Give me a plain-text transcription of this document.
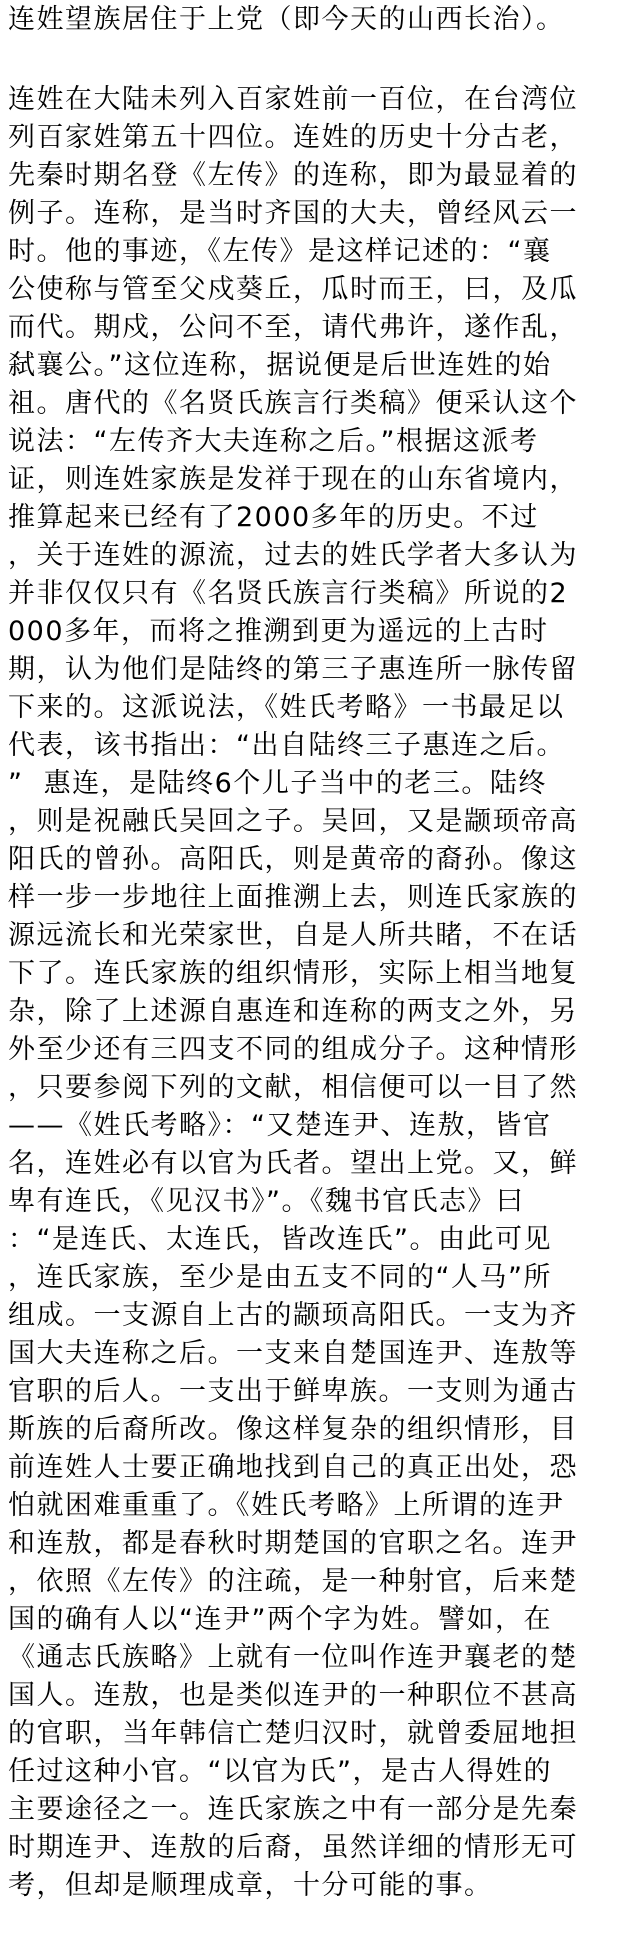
连姓望族居住于上党（即今天的山西长治）。
连姓在大陆未列入百家姓前一百位，在台湾位
列百家姓第五十四位。连姓的历史十分古老，
先秦时期名登《左传》的连称，即为最显着的
例子。连称，是当时齐国的大夫，曾经风云一
时。他的事迹，《左传》是这样记述的：“襄
公使称与管至父戍葵丘，瓜时而王，曰，及瓜
而代。期戍，公问不至，请代弗许，遂作乱，
弑襄公。”这位连称，据说便是后世连姓的始
祖。唐代的《名贤氏族言行类稿》便采认这个
说法：“左传齐大夫连称之后。”根据这派考
证，则连姓家族是发祥于现在的山东省境内，
推算起来已经有了2000多年的历史。不过
，关于连姓的源流，过去的姓氏学者大多认为
并非仅仅只有《名贤氏族言行类稿》所说的2
000多年，而将之推溯到更为遥远的上古时
期，认为他们是陆终的第三子惠连所一脉传留
下来的。这派说法，《姓氏考略》一书最足以
代表，该书指出：“出自陆终三子惠连之后。
”  惠连，是陆终6个儿子当中的老三。陆终
，则是祝融氏吴回之子。吴回，又是颛顼帝高
阳氏的曾孙。高阳氏，则是黄帝的裔孙。像这
样一步一步地往上面推溯上去，则连氏家族的
源远流长和光荣家世，自是人所共睹，不在话
下了。连氏家族的组织情形，实际上相当地复
杂，除了上述源自惠连和连称的两支之外，另
外至少还有三四支不同的组成分子。这种情形
，只要参阅下列的文献，相信便可以一目了然
——《姓氏考略》：“又楚连尹、连敖，皆官
名，连姓必有以官为氏者。望出上党。又，鲜
卑有连氏，《见汉书》”。《魏书官氏志》曰
：“是连氏、太连氏，皆改连氏”。由此可见
，连氏家族，至少是由五支不同的“人马”所
组成。一支源自上古的颛顼高阳氏。一支为齐
国大夫连称之后。一支来自楚国连尹、连敖等
官职的后人。一支出于鲜卑族。一支则为通古
斯族的后裔所改。像这样复杂的组织情形，目
前连姓人士要正确地找到自己的真正出处，恐
怕就困难重重了。《姓氏考略》上所谓的连尹
和连敖，都是春秋时期楚国的官职之名。连尹
，依照《左传》的注疏，是一种射官，后来楚
国的确有人以“连尹”两个字为姓。譬如，在
《通志氏族略》上就有一位叫作连尹襄老的楚
国人。连敖，也是类似连尹的一种职位不甚高
的官职，当年韩信亡楚归汉时，就曾委屈地担
任过这种小官。“以官为氏”，是古人得姓的
主要途径之一。连氏家族之中有一部分是先秦
时期连尹、连敖的后裔，虽然详细的情形无可
考，但却是顺理成章，十分可能的事。
